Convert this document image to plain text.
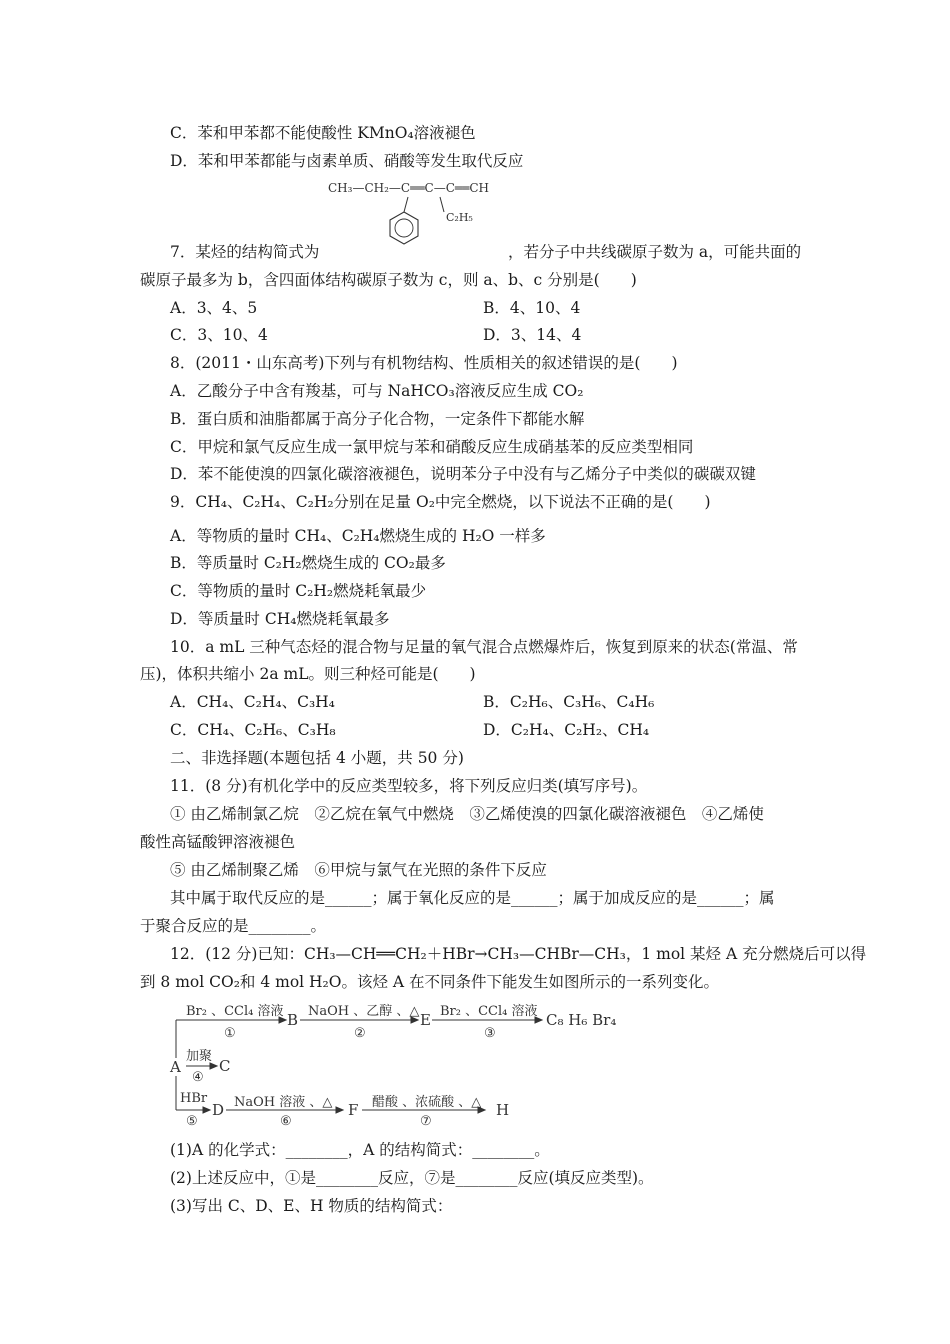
C．苯和甲苯都不能使酸性 KMnO₄溶液褪色
D．苯和甲苯都能与卤素单质、硝酸等发生取代反应
CH₃—CH₂—C══C—C══CH
C₂H₅
7．某烃的结构简式为	，若分子中共线碳原子数为 a，可能共面的
碳原子最多为 b，含四面体结构碳原子数为 c，则 a、b、c 分别是(　　)
A．3、4、5	B．4、10、4
C．3、10、4	D．3、14、4
8．(2011・山东高考)下列与有机物结构、性质相关的叙述错误的是(　　)
A．乙酸分子中含有羧基，可与 NaHCO₃溶液反应生成 CO₂
B．蛋白质和油脂都属于高分子化合物，一定条件下都能水解
C．甲烷和氯气反应生成一氯甲烷与苯和硝酸反应生成硝基苯的反应类型相同
D．苯不能使溴的四氯化碳溶液褪色，说明苯分子中没有与乙烯分子中类似的碳碳双键
9．CH₄、C₂H₄、C₂H₂分别在足量 O₂中完全燃烧，以下说法不正确的是(　　)
A．等物质的量时 CH₄、C₂H₄燃烧生成的 H₂O 一样多
B．等质量时 C₂H₂燃烧生成的 CO₂最多
C．等物质的量时 C₂H₂燃烧耗氧最少
D．等质量时 CH₄燃烧耗氧最多
10．a mL 三种气态烃的混合物与足量的氧气混合点燃爆炸后，恢复到原来的状态(常温、常
压)，体积共缩小 2a mL。则三种烃可能是(　　)
A．CH₄、C₂H₄、C₃H₄	B．C₂H₆、C₃H₆、C₄H₆
C．CH₄、C₂H₆、C₃H₈	D．C₂H₄、C₂H₂、CH₄
二、非选择题(本题包括 4 小题，共 50 分)
11．(8 分)有机化学中的反应类型较多，将下列反应归类(填写序号)。
① 由乙烯制氯乙烷　②乙烷在氧气中燃烧　③乙烯使溴的四氯化碳溶液褪色　④乙烯使
酸性高锰酸钾溶液褪色
⑤ 由乙烯制聚乙烯　⑥甲烷与氯气在光照的条件下反应
其中属于取代反应的是______；属于氧化反应的是______；属于加成反应的是______；属
于聚合反应的是________。
12．(12 分)已知：CH₃—CH══CH₂＋HBr→CH₃—CHBr—CH₃，1 mol 某烃 A 充分燃烧后可以得
到 8 mol CO₂和 4 mol H₂O。该烃 A 在不同条件下能发生如图所示的一系列变化。
Br₂ 、CCl₄ 溶液
①
B NaOH 、乙醇 、△
②
E Br₂ 、CCl₄ 溶液
③
C₈ H₆ Br₄
加聚
A	C
④
HBr
D
⑤
NaOH 溶液 、△
⑥
F 醋酸 、浓硫酸 、△
⑦
H
(1)A 的化学式：________，A 的结构简式：________。
(2)上述反应中，①是________反应，⑦是________反应(填反应类型)。
(3)写出 C、D、E、H 物质的结构简式：
